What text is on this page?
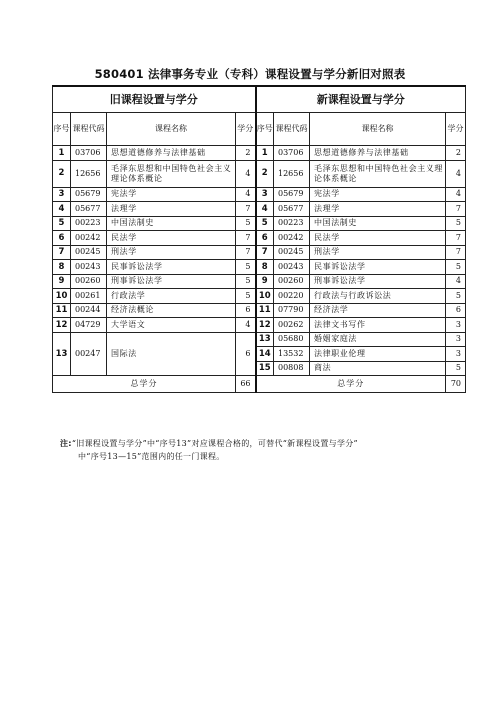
580401 法律事务专业（专科）课程设置与学分新旧对照表
旧课程设置与学分				新课程设置与学分			
序号	课程代码	课程名称	学分	序号	课程代码	课程名称	学分
1	03706	思想道德修养与法律基础	2	1	03706	思想道德修养与法律基础	2
2	12656	毛泽东思想和中国特色社会主义理论体系概论	4	2	12656	毛泽东思想和中国特色社会主义理论体系概论	4
3	05679	宪法学	4	3	05679	宪法学	4
4	05677	法理学	7	4	05677	法理学	7
5	00223	中国法制史	5	5	00223	中国法制史	5
6	00242	民法学	7	6	00242	民法学	7
7	00245	刑法学	7	7	00245	刑法学	7
8	00243	民事诉讼法学	5	8	00243	民事诉讼法学	5
9	00260	刑事诉讼法学	5	9	00260	刑事诉讼法学	4
10	00261	行政法学	5	10	00220	行政法与行政诉讼法	5
11	00244	经济法概论	6	11	07790	经济法学	6
12	04729	大学语文	4	12	00262	法律文书写作	3
13	00247	国际法	6	13	05680	婚姻家庭法	3
				14	13532	法律职业伦理	3
				15	00808	商法	5
总学分			66	总学分			70
注:“旧课程设置与学分”中“序号13”对应课程合格的，可替代“新课程设置与学分”
中“序号13—15”范围内的任一门课程。
